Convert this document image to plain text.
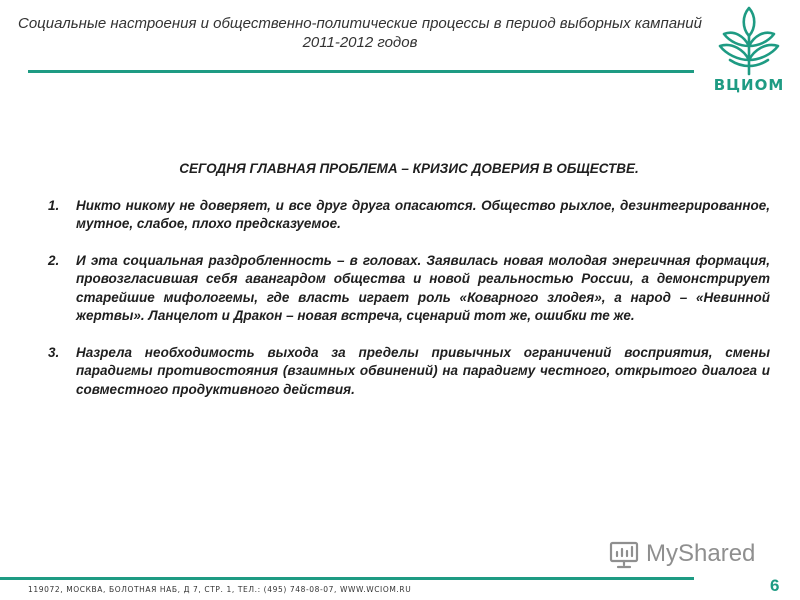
Социальные настроения и общественно-политические процессы в период выборных кампаний
2011-2012 годов
ВЦИОМ
СЕГОДНЯ ГЛАВНАЯ ПРОБЛЕМА – КРИЗИС ДОВЕРИЯ В ОБЩЕСТВЕ.
1.	Никто никому не доверяет, и все друг друга опасаются. Общество рыхлое, дезинтегрированное, мутное, слабое, плохо предсказуемое.
2.	И эта социальная раздробленность – в головах. Заявилась новая молодая энергичная формация, провозгласившая себя авангардом общества и новой реальностью России, а демонстрирует старейшие мифологемы, где власть играет роль «Коварного злодея», а народ – «Невинной жертвы». Ланцелот и Дракон – новая встреча, сценарий тот же, ошибки те же.
3.	Назрела необходимость выхода за пределы привычных ограничений восприятия, смены парадигмы противостояния (взаимных обвинений) на парадигму честного, открытого диалога и совместного продуктивного действия.
MyShared
119072, МОСКВА, БОЛОТНАЯ НАБ, Д 7, СТР. 1, ТЕЛ.: (495) 748-08-07, WWW.WCIOM.RU	6
